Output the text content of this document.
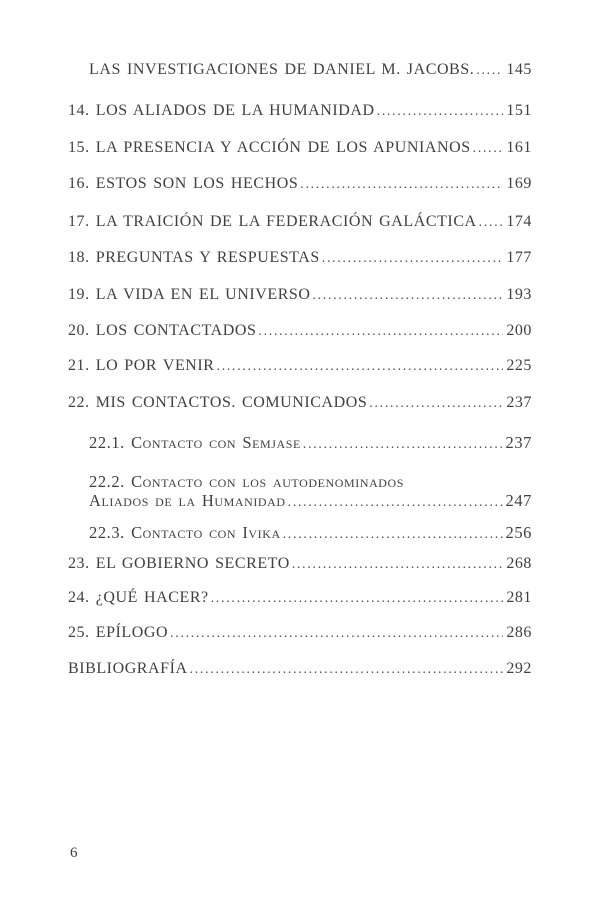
LAS INVESTIGACIONES DE DANIEL M. JACOBS. ..... 145
14. LOS ALIADOS DE LA HUMANIDAD .....	151
15. LA PRESENCIA Y ACCIÓN DE LOS APUNIANOS ..... 161
16. ESTOS SON LOS HECHOS .....	169
17. LA TRAICIÓN DE LA FEDERACIÓN GALÁCTICA ..... 174
18. PREGUNTAS Y RESPUESTAS .....	177
19. LA VIDA EN EL UNIVERSO .....	193
20. LOS CONTACTADOS .....	200
21. LO POR VENIR .....	225
22. MIS CONTACTOS. COMUNICADOS .....	237
22.1. Contacto con Semjase .....	237
22.2. Contacto con los autodenominados
Aliados de la Humanidad .....	247
22.3. Contacto con Ivika .....	256
23. EL GOBIERNO SECRETO .....	268
24. ¿QUÉ HACER? .....	281
25. EPÍLOGO .....	286
BIBLIOGRAFÍA .....	292
6
